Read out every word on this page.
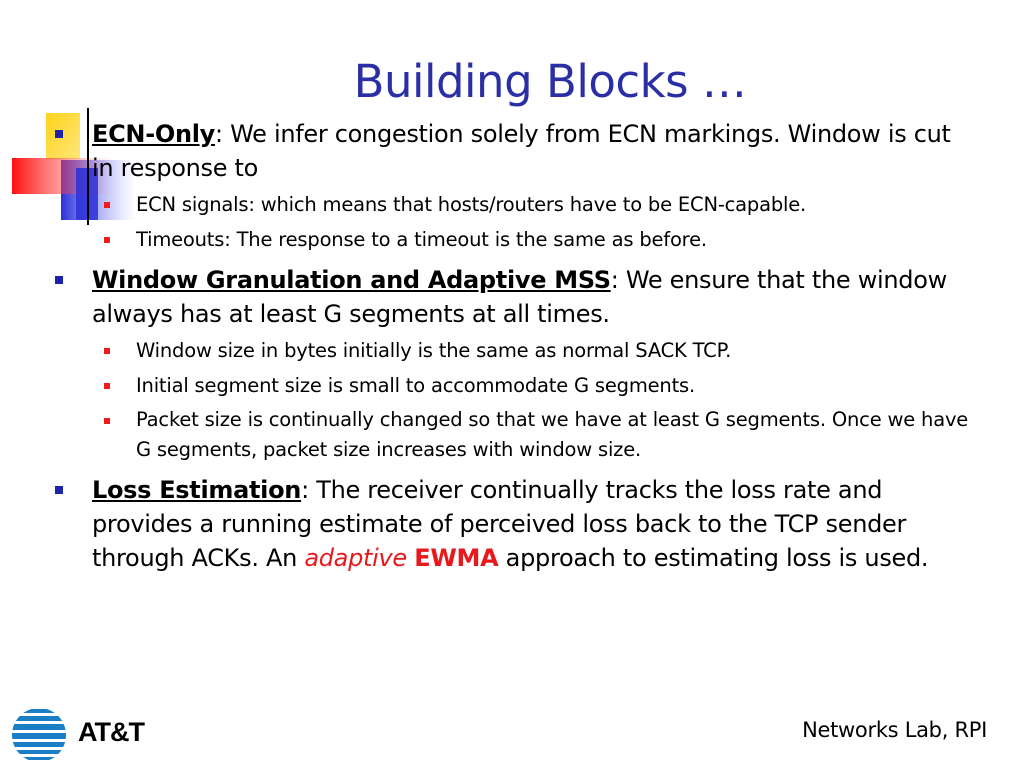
Building Blocks …
ECN-Only: We infer congestion solely from ECN markings. Window is cut in response to
ECN signals: which means that hosts/routers have to be ECN-capable.
Timeouts: The response to a timeout is the same as before.
Window Granulation and Adaptive MSS: We ensure that the window always has at least G segments at all times.
Window size in bytes initially is the same as normal SACK TCP.
Initial segment size is small to accommodate G segments.
Packet size is continually changed so that we have at least G segments. Once we have G segments, packet size increases with window size.
Loss Estimation: The receiver continually tracks the loss rate and provides a running estimate of perceived loss back to the TCP sender through ACKs. An adaptive EWMA approach to estimating loss is used.
AT&T	Networks Lab, RPI
